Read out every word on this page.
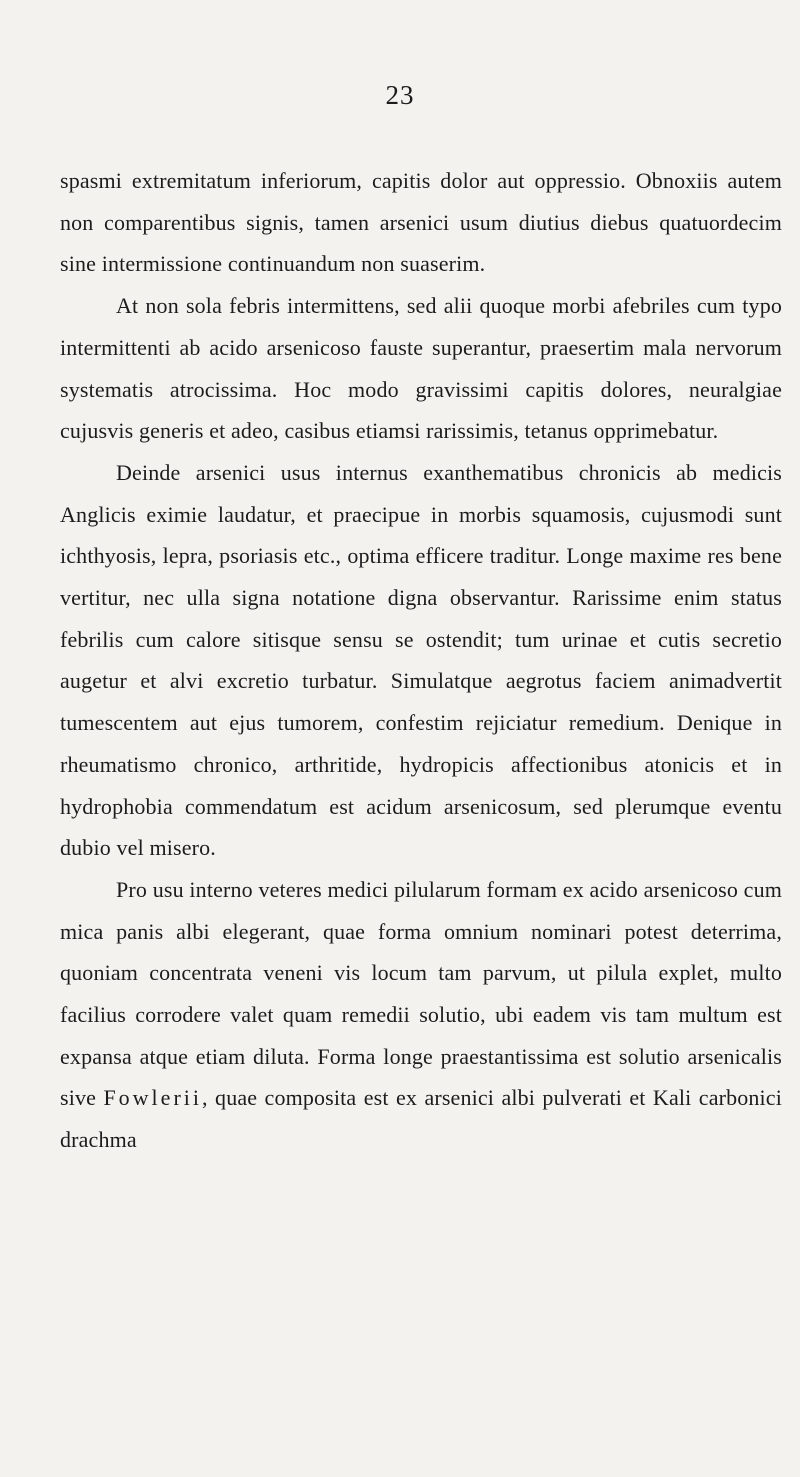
23

spasmi extremitatum inferiorum, capitis dolor aut oppressio. Obnoxiis autem non comparentibus signis, tamen arsenici usum diutius diebus quatuordecim sine intermissione continuandum non suaserim.

At non sola febris intermittens, sed alii quoque morbi afebriles cum typo intermittenti ab acido arsenicoso fauste superantur, praesertim mala nervorum systematis atrocissima. Hoc modo gravissimi capitis dolores, neuralgiae cujusvis generis et adeo, casibus etiamsi rarissimis, tetanus opprimebatur.

Deinde arsenici usus internus exanthematibus chronicis ab medicis Anglicis eximie laudatur, et praecipue in morbis squamosis, cujusmodi sunt ichthyosis, lepra, psoriasis etc., optima efficere traditur. Longe maxime res bene vertitur, nec ulla signa notatione digna observantur. Rarissime enim status febrilis cum calore sitisque sensu se ostendit; tum urinae et cutis secretio augetur et alvi excretio turbatur. Simulatque aegrotus faciem animadvertit tumescentem aut ejus tumorem, confestim rejiciatur remedium. Denique in rheumatismo chronico, arthritide, hydropicis affectionibus atonicis et in hydrophobia commendatum est acidum arsenicosum, sed plerumque eventu dubio vel misero.

Pro usu interno veteres medici pilularum formam ex acido arsenicoso cum mica panis albi elegerant, quae forma omnium nominari potest deterrima, quoniam concentrata veneni vis locum tam parvum, ut pilula explet, multo facilius corrodere valet quam remedii solutio, ubi eadem vis tam multum est expansa atque etiam diluta. Forma longe praestantissima est solutio arsenicalis sive Fowlerii, quae composita est ex arsenici albi pulverati et Kali carbonici drachma
